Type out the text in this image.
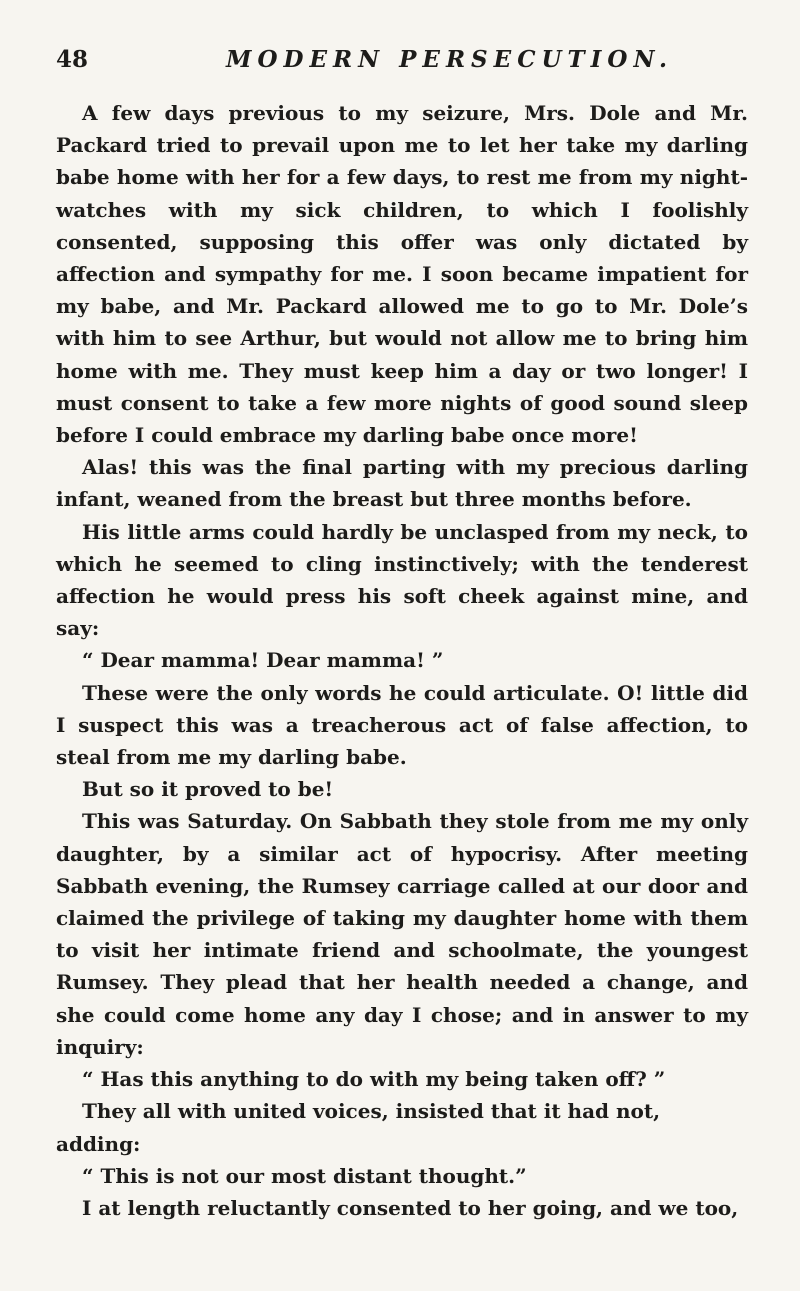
48	MODERN PERSECUTION.

A few days previous to my seizure, Mrs. Dole and Mr. Packard tried to prevail upon me to let her take my darling babe home with her for a few days, to rest me from my night-watches with my sick children, to which I foolishly consented, supposing this offer was only dictated by affection and sympathy for me. I soon became impatient for my babe, and Mr. Packard allowed me to go to Mr. Dole’s with him to see Arthur, but would not allow me to bring him home with me. They must keep him a day or two longer! I must consent to take a few more nights of good sound sleep before I could embrace my darling babe once more!

Alas! this was the final parting with my precious darling infant, weaned from the breast but three months before.

His little arms could hardly be unclasped from my neck, to which he seemed to cling instinctively; with the tenderest affection he would press his soft cheek against mine, and say:

“ Dear mamma! Dear mamma! ”

These were the only words he could articulate. O! little did I suspect this was a treacherous act of false affection, to steal from me my darling babe.

But so it proved to be!

This was Saturday. On Sabbath they stole from me my only daughter, by a similar act of hypocrisy. After meeting Sabbath evening, the Rumsey carriage called at our door and claimed the privilege of taking my daughter home with them to visit her intimate friend and schoolmate, the youngest Rumsey. They plead that her health needed a change, and she could come home any day I chose; and in answer to my inquiry:

“ Has this anything to do with my being taken off? ”

They all with united voices, insisted that it had not, adding:

“ This is not our most distant thought.”

I at length reluctantly consented to her going, and we too,
